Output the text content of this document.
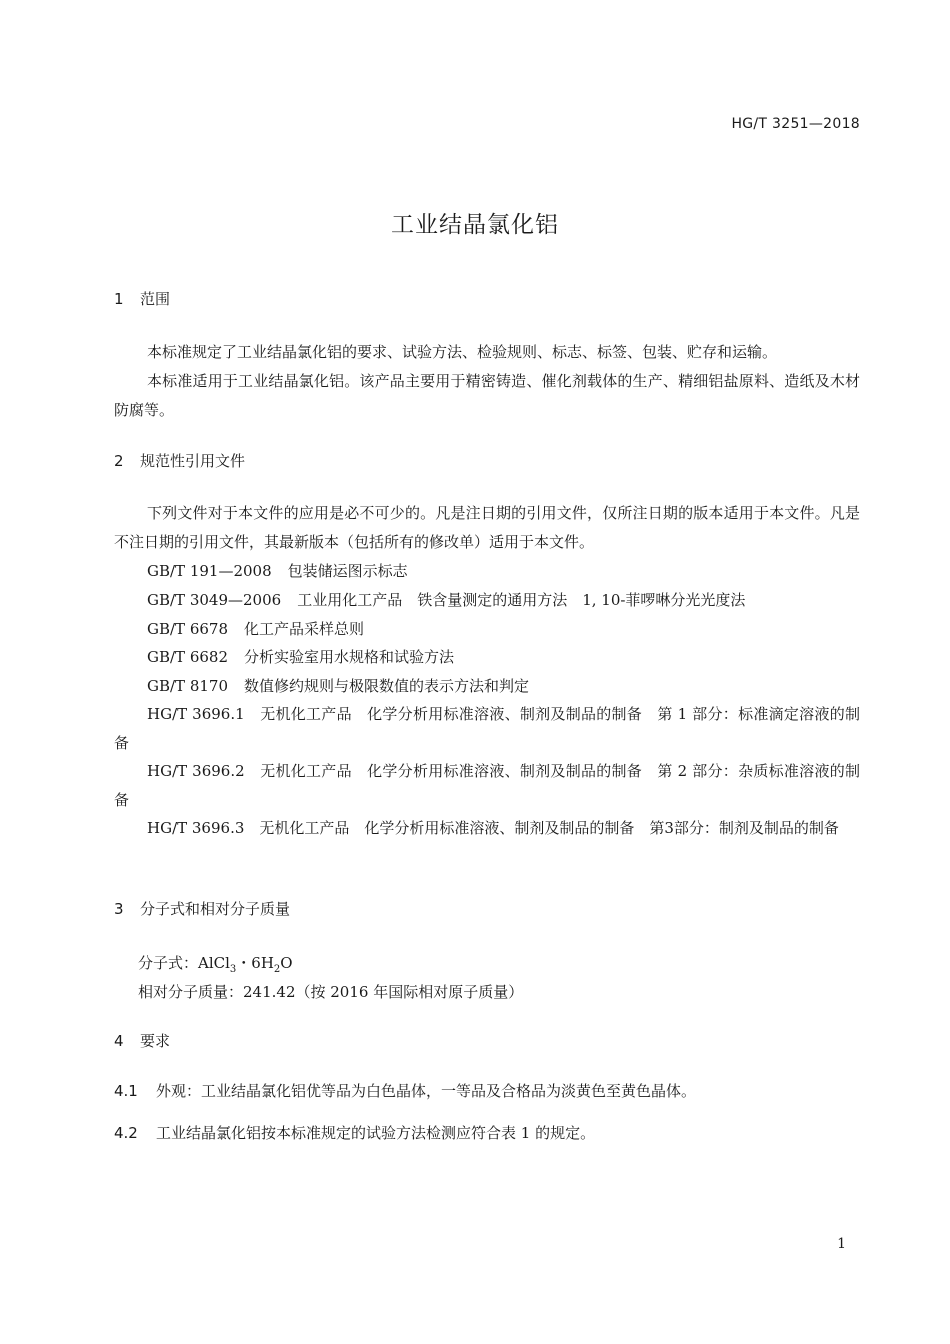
HG/T 3251—2018
工业结晶氯化铝
1 范围

本标准规定了工业结晶氯化铝的要求、试验方法、检验规则、标志、标签、包装、贮存和运输。

本标准适用于工业结晶氯化铝。该产品主要用于精密铸造、催化剂载体的生产、精细铝盐原料、造纸及木材防腐等。

2 规范性引用文件

下列文件对于本文件的应用是必不可少的。凡是注日期的引用文件，仅所注日期的版本适用于本文件。凡是不注日期的引用文件，其最新版本（包括所有的修改单）适用于本文件。

GB/T 191—2008 包装储运图示标志
GB/T 3049—2006 工业用化工产品　铁含量测定的通用方法　1, 10-菲啰啉分光光度法
GB/T 6678 化工产品采样总则
GB/T 6682 分析实验室用水规格和试验方法
GB/T 8170 数值修约规则与极限数值的表示方法和判定

HG/T 3696.1　无机化工产品　化学分析用标准溶液、制剂及制品的制备　第 1 部分：标准滴定溶液的制备

HG/T 3696.2　无机化工产品　化学分析用标准溶液、制剂及制品的制备　第 2 部分：杂质标准溶液的制备

HG/T 3696.3　无机化工产品　化学分析用标准溶液、制剂及制品的制备　第3部分：制剂及制品的制备

3 分子式和相对分子质量
分子式：AlCl$_3$・$6H_2O$
相对分子质量：241.42（按 2016 年国际相对原子质量）
4 要求
4.1 外观：工业结晶氯化铝优等品为白色晶体，一等品及合格品为淡黄色至黄色晶体。
4.2 工业结晶氯化铝按本标准规定的试验方法检测应符合表 1 的规定。
1
